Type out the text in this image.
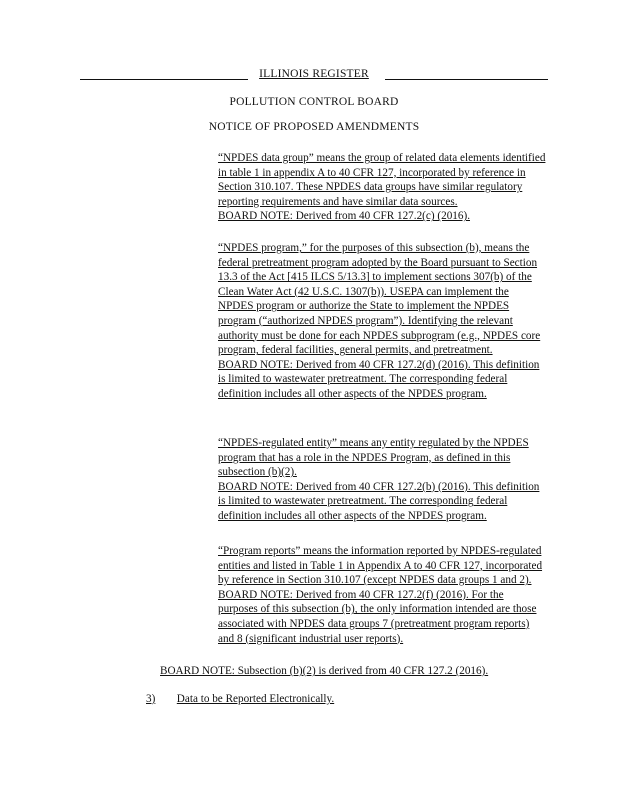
ILLINOIS REGISTER
POLLUTION CONTROL BOARD
NOTICE OF PROPOSED AMENDMENTS

“NPDES data group” means the group of related data elements identified in table 1 in appendix A to 40 CFR 127, incorporated by reference in Section 310.107. These NPDES data groups have similar regulatory reporting requirements and have similar data sources.

BOARD NOTE: Derived from 40 CFR 127.2(c) (2016).

“NPDES program,” for the purposes of this subsection (b), means the federal pretreatment program adopted by the Board pursuant to Section 13.3 of the Act [415 ILCS 5/13.3] to implement sections 307(b) of the Clean Water Act (42 U.S.C. 1307(b)). USEPA can implement the NPDES program or authorize the State to implement the NPDES program (“authorized NPDES program”). Identifying the relevant authority must be done for each NPDES subprogram (e.g., NPDES core program, federal facilities, general permits, and pretreatment.

BOARD NOTE: Derived from 40 CFR 127.2(d) (2016). This definition is limited to wastewater pretreatment. The corresponding federal definition includes all other aspects of the NPDES program.

“NPDES-regulated entity” means any entity regulated by the NPDES program that has a role in the NPDES Program, as defined in this subsection (b)(2).

BOARD NOTE: Derived from 40 CFR 127.2(b) (2016). This definition is limited to wastewater pretreatment. The corresponding federal definition includes all other aspects of the NPDES program.

“Program reports” means the information reported by NPDES-regulated entities and listed in Table 1 in Appendix A to 40 CFR 127, incorporated by reference in Section 310.107 (except NPDES data groups 1 and 2).

BOARD NOTE: Derived from 40 CFR 127.2(f) (2016). For the purposes of this subsection (b), the only information intended are those associated with NPDES data groups 7 (pretreatment program reports) and 8 (significant industrial user reports).

BOARD NOTE: Subsection (b)(2) is derived from 40 CFR 127.2 (2016).
3) Data to be Reported Electronically.
